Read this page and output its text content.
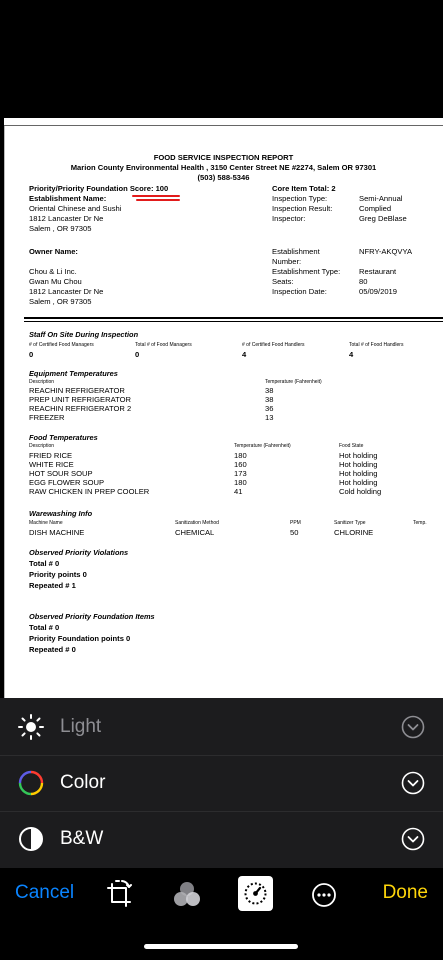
FOOD SERVICE INSPECTION REPORT
Marion County Environmental Health , 3150 Center Street NE #2274, Salem OR 97301
(503) 588-5346
Priority/Priority Foundation Score: 100	Core Item Total: 2
Establishment Name:	Inspection Type:	Semi-Annual
Oriental Chinese and Sushi	Inspection Result:	Complied
1812 Lancaster Dr Ne	Inspector:	Greg DeBlase
Salem , OR 97305
Owner Name:	Establishment	NFRY-AKQVYA
Number:
Chou & Li Inc.	Establishment Type: Restaurant
Gwan Mu Chou	Seats:	80
1812 Lancaster Dr Ne	Inspection Date:	05/09/2019
Salem , OR 97305
Staff On Site During Inspection
# of Certified Food Managers	Total # of Food Managers	# of Certified Food Handlers	Total # of Food Handlers
0	0	4	4
Equipment Temperatures
Description	Temperature (Fahrenheit)
REACHIN REFRIGERATOR	38
PREP UNIT REFRIGERATOR	38
REACHIN REFRIGERATOR 2	36
FREEZER	13
Food Temperatures
Description	Temperature (Fahrenheit)	Food State
FRIED RICE	180	Hot holding
WHITE RICE	160	Hot holding
HOT SOUR SOUP	173	Hot holding
EGG FLOWER SOUP	180	Hot holding
RAW CHICKEN IN PREP COOLER	41	Cold holding
Warewashing Info
Machine Name	Sanitization Method	PPM	Sanitizer Type	Temp.
DISH MACHINE	CHEMICAL	50	CHLORINE
Observed Priority Violations
Total # 0
Priority points 0
Repeated # 1
Observed Priority Foundation Items
Total # 0
Priority Foundation points 0
Repeated # 0
Light
Color
B&W
Cancel	Done
